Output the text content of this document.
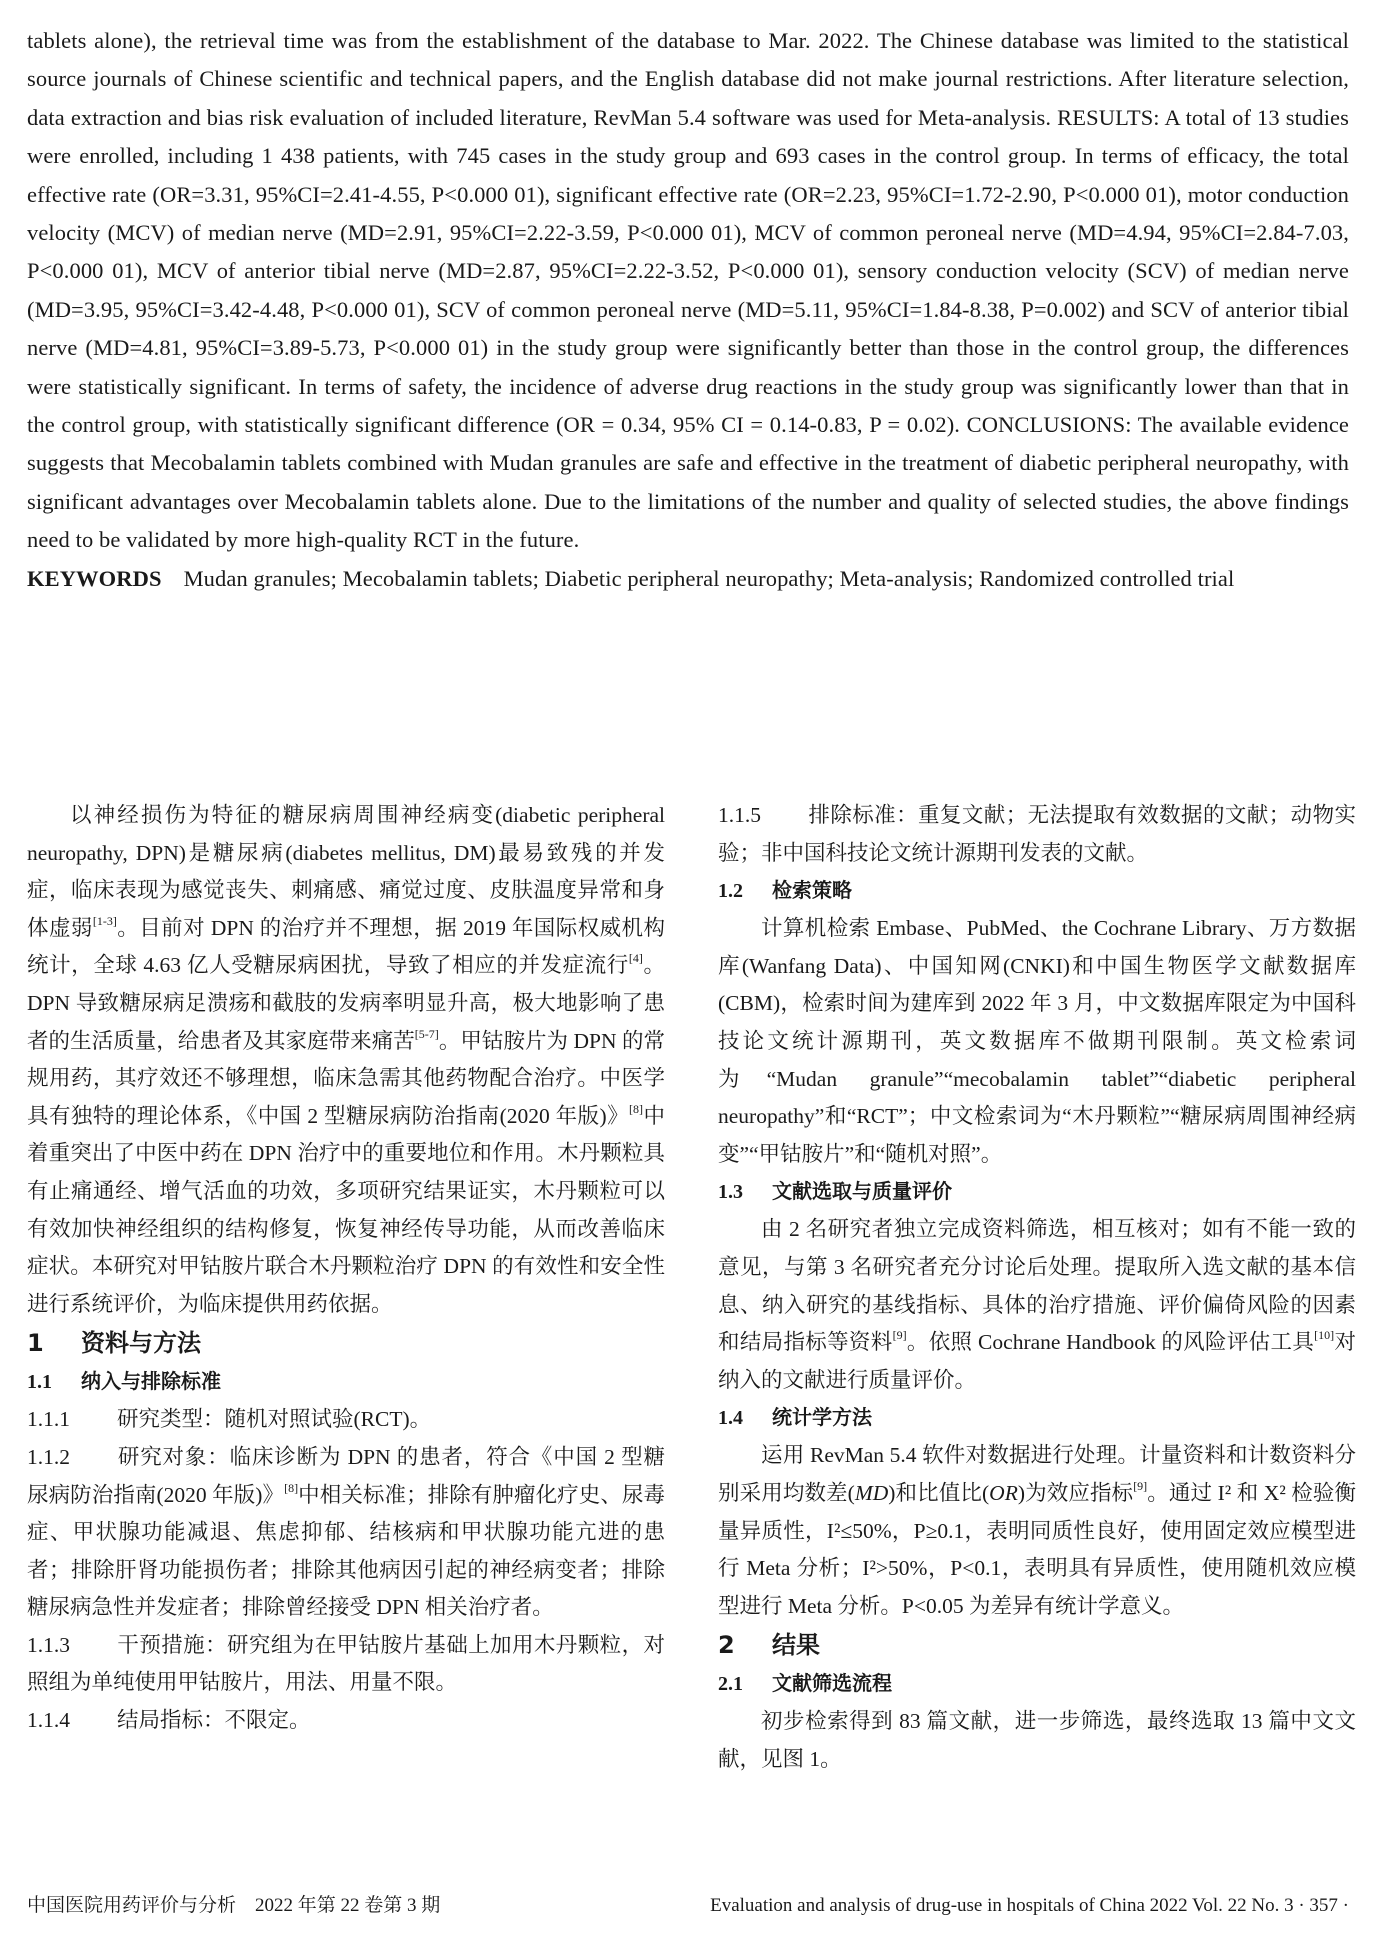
tablets alone), the retrieval time was from the establishment of the database to Mar. 2022. The Chinese database was limited to the statistical source journals of Chinese scientific and technical papers, and the English database did not make journal restrictions. After literature selection, data extraction and bias risk evaluation of included literature, RevMan 5.4 software was used for Meta-analysis. RESULTS: A total of 13 studies were enrolled, including 1 438 patients, with 745 cases in the study group and 693 cases in the control group. In terms of efficacy, the total effective rate (OR=3.31, 95%CI=2.41-4.55, P<0.000 01), significant effective rate (OR=2.23, 95%CI=1.72-2.90, P<0.000 01), motor conduction velocity (MCV) of median nerve (MD=2.91, 95%CI=2.22-3.59, P<0.000 01), MCV of common peroneal nerve (MD=4.94, 95%CI=2.84-7.03, P<0.000 01), MCV of anterior tibial nerve (MD=2.87, 95%CI=2.22-3.52, P<0.000 01), sensory conduction velocity (SCV) of median nerve (MD=3.95, 95%CI=3.42-4.48, P<0.000 01), SCV of common peroneal nerve (MD=5.11, 95%CI=1.84-8.38, P=0.002) and SCV of anterior tibial nerve (MD=4.81, 95%CI=3.89-5.73, P<0.000 01) in the study group were significantly better than those in the control group, the differences were statistically significant. In terms of safety, the incidence of adverse drug reactions in the study group was significantly lower than that in the control group, with statistically significant difference (OR = 0.34, 95% CI = 0.14-0.83, P = 0.02). CONCLUSIONS: The available evidence suggests that Mecobalamin tablets combined with Mudan granules are safe and effective in the treatment of diabetic peripheral neuropathy, with significant advantages over Mecobalamin tablets alone. Due to the limitations of the number and quality of selected studies, the above findings need to be validated by more high-quality RCT in the future.

KEYWORDS Mudan granules; Mecobalamin tablets; Diabetic peripheral neuropathy; Meta-analysis; Randomized controlled trial

以神经损伤为特征的糖尿病周围神经病变(diabetic peripheral neuropathy, DPN)是糖尿病(diabetes mellitus, DM)最易致残的并发症，临床表现为感觉丧失、刺痛感、痛觉过度、皮肤温度异常和身体虚弱[1-3]。目前对 DPN 的治疗并不理想，据 2019 年国际权威机构统计，全球 4.63 亿人受糖尿病困扰，导致了相应的并发症流行[4]。DPN 导致糖尿病足溃疡和截肢的发病率明显升高，极大地影响了患者的生活质量，给患者及其家庭带来痛苦[5-7]。甲钴胺片为 DPN 的常规用药，其疗效还不够理想，临床急需其他药物配合治疗。中医学具有独特的理论体系，《中国 2 型糖尿病防治指南(2020 年版)》[8]中着重突出了中医中药在 DPN 治疗中的重要地位和作用。木丹颗粒具有止痛通经、增气活血的功效，多项研究结果证实，木丹颗粒可以有效加快神经组织的结构修复，恢复神经传导功能，从而改善临床症状。本研究对甲钴胺片联合木丹颗粒治疗 DPN 的有效性和安全性进行系统评价，为临床提供用药依据。

1 资料与方法

1.1 纳入与排除标准

1.1.1 研究类型：随机对照试验(RCT)。

1.1.2 研究对象：临床诊断为 DPN 的患者，符合《中国 2 型糖尿病防治指南(2020 年版)》[8]中相关标准；排除有肿瘤化疗史、尿毒症、甲状腺功能减退、焦虑抑郁、结核病和甲状腺功能亢进的患者；排除肝肾功能损伤者；排除其他病因引起的神经病变者；排除糖尿病急性并发症者；排除曾经接受 DPN 相关治疗者。

1.1.3 干预措施：研究组为在甲钴胺片基础上加用木丹颗粒，对照组为单纯使用甲钴胺片，用法、用量不限。

1.1.4 结局指标：不限定。

1.1.5 排除标准：重复文献；无法提取有效数据的文献；动物实验；非中国科技论文统计源期刊发表的文献。

1.2 检索策略

计算机检索 Embase、PubMed、the Cochrane Library、万方数据库(Wanfang Data)、中国知网(CNKI)和中国生物医学文献数据库(CBM)，检索时间为建库到 2022 年 3 月，中文数据库限定为中国科技论文统计源期刊，英文数据库不做期刊限制。英文检索词为“Mudan granule”“mecobalamin tablet”“diabetic peripheral neuropathy”和“RCT”；中文检索词为“木丹颗粒”“糖尿病周围神经病变”“甲钴胺片”和“随机对照”。

1.3 文献选取与质量评价

由 2 名研究者独立完成资料筛选，相互核对；如有不能一致的意见，与第 3 名研究者充分讨论后处理。提取所入选文献的基本信息、纳入研究的基线指标、具体的治疗措施、评价偏倚风险的因素和结局指标等资料[9]。依照 Cochrane Handbook 的风险评估工具[10]对纳入的文献进行质量评价。

1.4 统计学方法

运用 RevMan 5.4 软件对数据进行处理。计量资料和计数资料分别采用均数差(MD)和比值比(OR)为效应指标[9]。通过 I² 和 X² 检验衡量异质性，I²≤50%，P≥0.1，表明同质性良好，使用固定效应模型进行 Meta 分析；I²>50%，P<0.1，表明具有异质性，使用随机效应模型进行 Meta 分析。P<0.05 为差异有统计学意义。

2 结果

2.1 文献筛选流程

初步检索得到 83 篇文献，进一步筛选，最终选取 13 篇中文文献，见图 1。

中国医院用药评价与分析　2022 年第 22 卷第 3 期	Evaluation and analysis of drug-use in hospitals of China 2022 Vol. 22 No. 3 · 357 ·
